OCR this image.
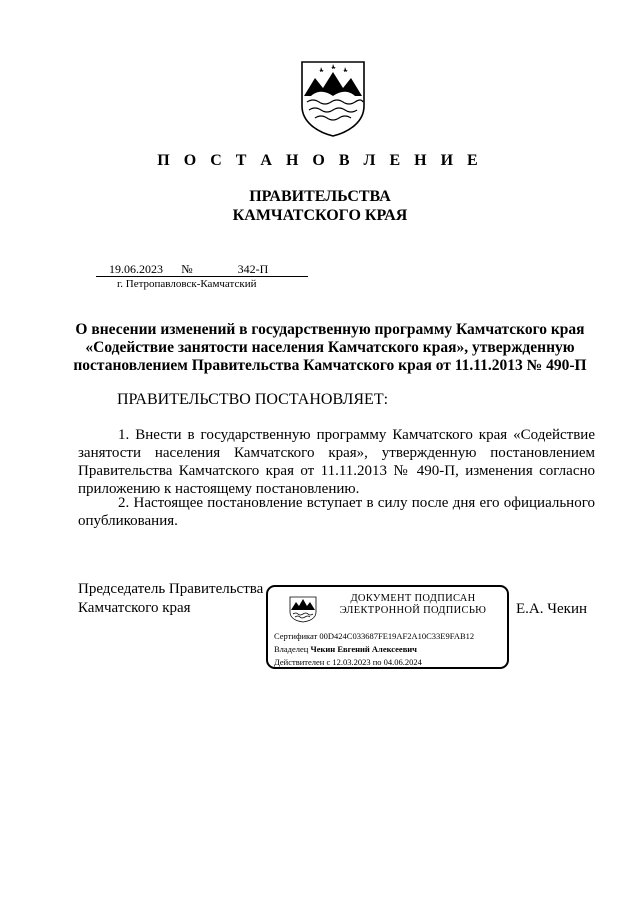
П О С Т А Н О В Л Е Н И Е
ПРАВИТЕЛЬСТВА
КАМЧАТСКОГО КРАЯ
19.06.2023 №	342-П
г. Петропавловск-Камчатский
О внесении изменений в государственную программу Камчатского края
«Содействие занятости населения Камчатского края», утвержденную
постановлением Правительства Камчатского края от 11.11.2013 № 490-П
ПРАВИТЕЛЬСТВО ПОСТАНОВЛЯЕТ:
1. Внести в государственную программу Камчатского края «Содействие занятости населения Камчатского края», утвержденную постановлением Правительства Камчатского края от 11.11.2013 № 490-П, изменения согласно приложению к настоящему постановлению.
2. Настоящее постановление вступает в силу после дня его официального опубликования.
Председатель Правительства
Камчатского края
ДОКУМЕНТ ПОДПИСАН
ЭЛЕКТРОННОЙ ПОДПИСЬЮ
Сертификат 00D424C033687FE19AF2A10C33E9FAB12
Владелец Чекин Евгений Алексеевич
Действителен с 12.03.2023 по 04.06.2024
Е.А. Чекин
